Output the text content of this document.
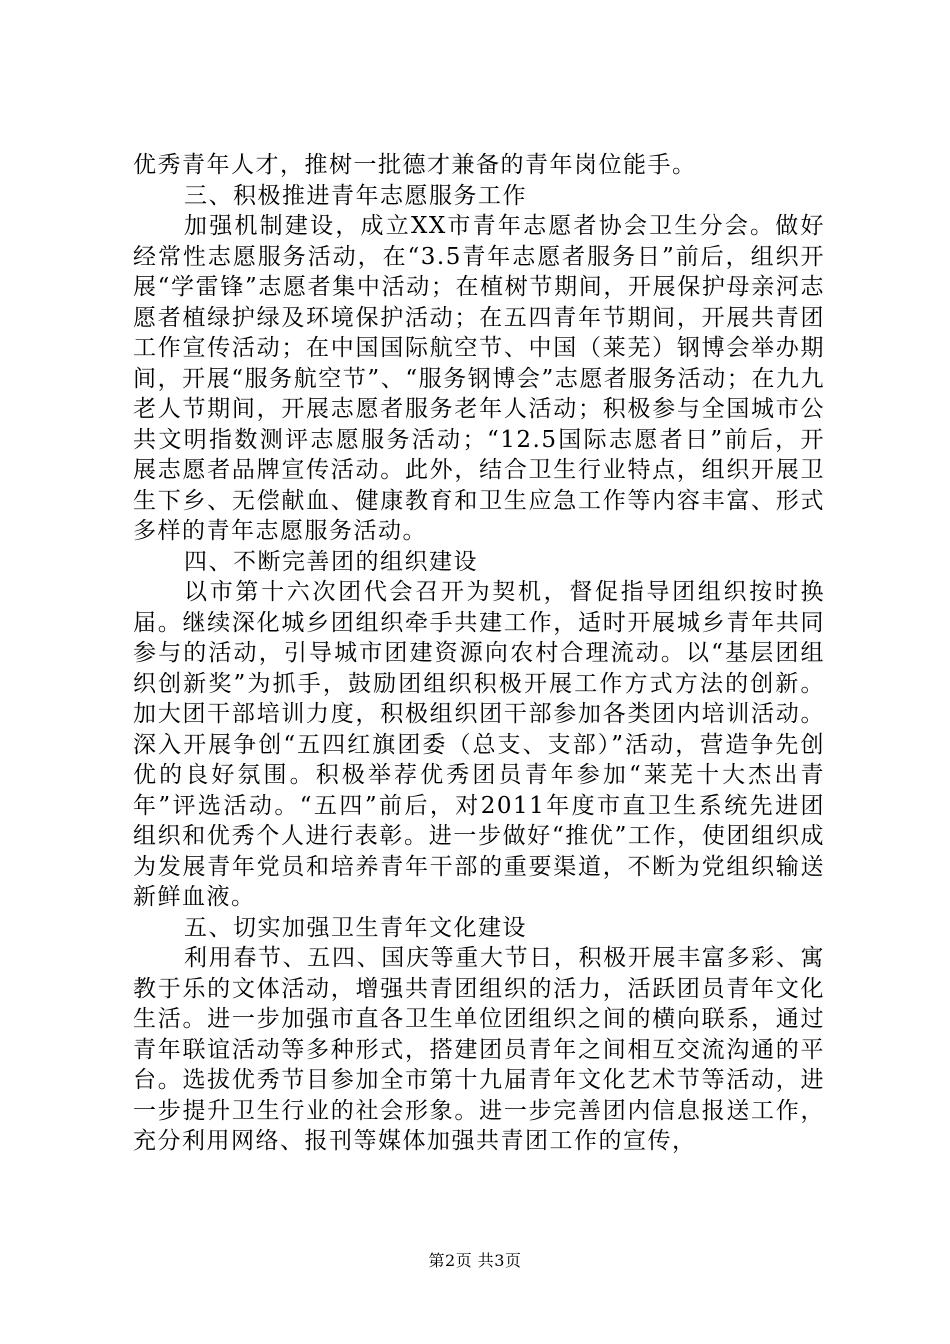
优秀青年人才，推树一批德才兼备的青年岗位能手。

三、积极推进青年志愿服务工作

加强机制建设，成立XX市青年志愿者协会卫生分会。做好经常性志愿服务活动，在“3.5青年志愿者服务日”前后，组织开展“学雷锋”志愿者集中活动；在植树节期间，开展保护母亲河志愿者植绿护绿及环境保护活动；在五四青年节期间，开展共青团工作宣传活动；在中国国际航空节、中国（莱芜）钢博会举办期间，开展“服务航空节”、“服务钢博会”志愿者服务活动；在九九老人节期间，开展志愿者服务老年人活动；积极参与全国城市公共文明指数测评志愿服务活动；“12.5国际志愿者日”前后，开展志愿者品牌宣传活动。此外，结合卫生行业特点，组织开展卫生下乡、无偿献血、健康教育和卫生应急工作等内容丰富、形式多样的青年志愿服务活动。

四、不断完善团的组织建设

以市第十六次团代会召开为契机，督促指导团组织按时换届。继续深化城乡团组织牵手共建工作，适时开展城乡青年共同参与的活动，引导城市团建资源向农村合理流动。以“基层团组织创新奖”为抓手，鼓励团组织积极开展工作方式方法的创新。加大团干部培训力度，积极组织团干部参加各类团内培训活动。深入开展争创“五四红旗团委（总支、支部）”活动，营造争先创优的良好氛围。积极举荐优秀团员青年参加“莱芜十大杰出青年”评选活动。“五四”前后，对2011年度市直卫生系统先进团组织和优秀个人进行表彰。进一步做好“推优”工作，使团组织成为发展青年党员和培养青年干部的重要渠道，不断为党组织输送新鲜血液。

五、切实加强卫生青年文化建设

利用春节、五四、国庆等重大节日，积极开展丰富多彩、寓教于乐的文体活动，增强共青团组织的活力，活跃团员青年文化生活。进一步加强市直各卫生单位团组织之间的横向联系，通过青年联谊活动等多种形式，搭建团员青年之间相互交流沟通的平台。选拔优秀节目参加全市第十九届青年文化艺术节等活动，进一步提升卫生行业的社会形象。进一步完善团内信息报送工作，充分利用网络、报刊等媒体加强共青团工作的宣传，

第2页 共3页
